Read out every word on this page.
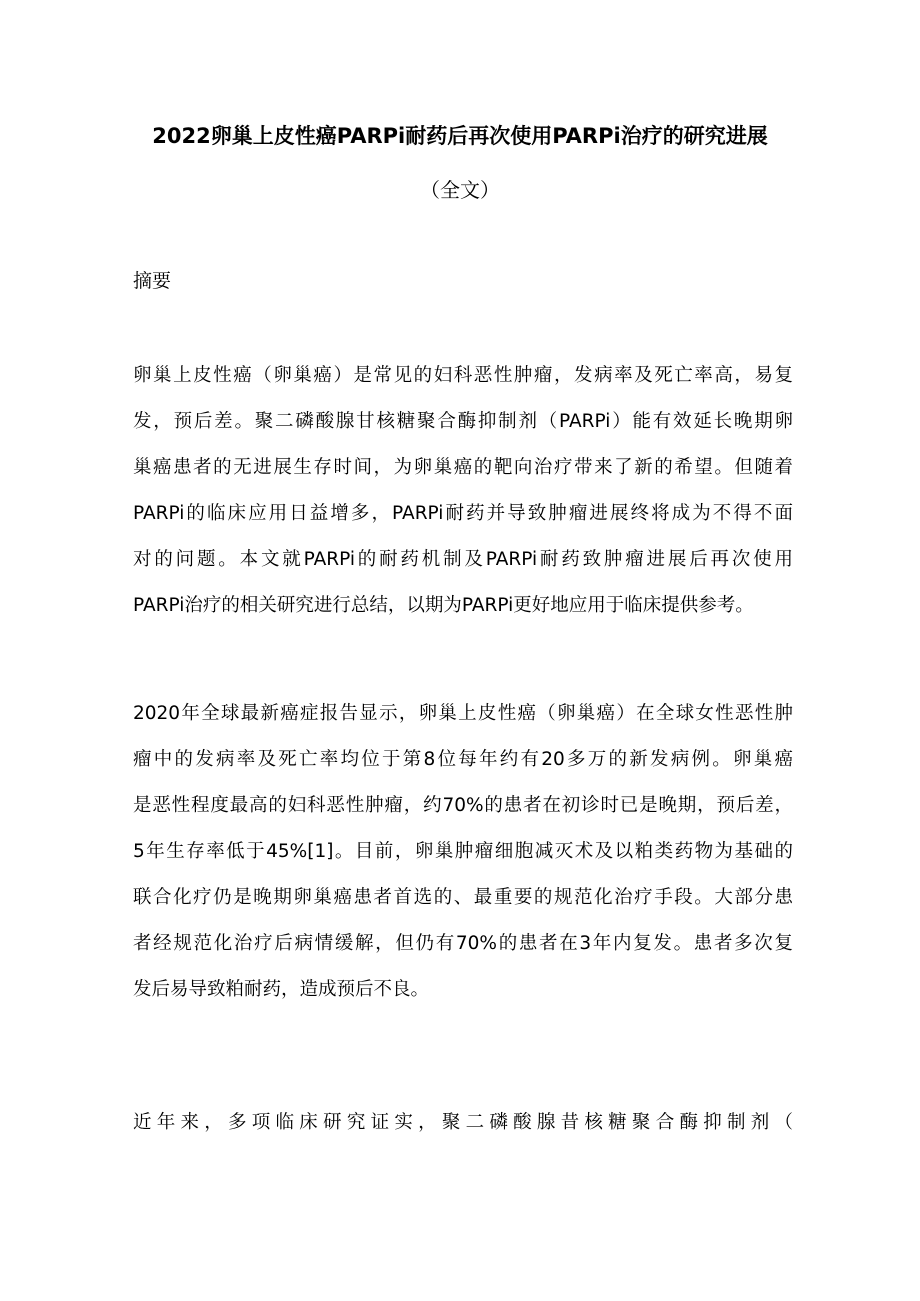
2022卵巢上皮性癌PARPi耐药后再次使用PARPi治疗的研究进展
（全文）
摘要
卵巢上皮性癌（卵巢癌）是常见的妇科恶性肿瘤，发病率及死亡率高，易复
发，预后差。聚二磷酸腺甘核糖聚合酶抑制剂（PARPi）能有效延长晚期卵
巢癌患者的无进展生存时间，为卵巢癌的靶向治疗带来了新的希望。但随着
PARPi的临床应用日益增多，PARPi耐药并导致肿瘤进展终将成为不得不面
对的问题。本文就PARPi的耐药机制及PARPi耐药致肿瘤进展后再次使用
PARPi治疗的相关研究进行总结，以期为PARPi更好地应用于临床提供参考。
2020年全球最新癌症报告显示，卵巢上皮性癌（卵巢癌）在全球女性恶性肿
瘤中的发病率及死亡率均位于第8位每年约有20多万的新发病例。卵巢癌
是恶性程度最高的妇科恶性肿瘤，约70%的患者在初诊时已是晚期，预后差，
5年生存率低于45%[1]。目前，卵巢肿瘤细胞减灭术及以粕类药物为基础的
联合化疗仍是晚期卵巢癌患者首选的、最重要的规范化治疗手段。大部分患
者经规范化治疗后病情缓解，但仍有70%的患者在3年内复发。患者多次复
发后易导致粕耐药，造成预后不良。
近年来，多项临床研究证实，聚二磷酸腺昔核糖聚合酶抑制剂（
